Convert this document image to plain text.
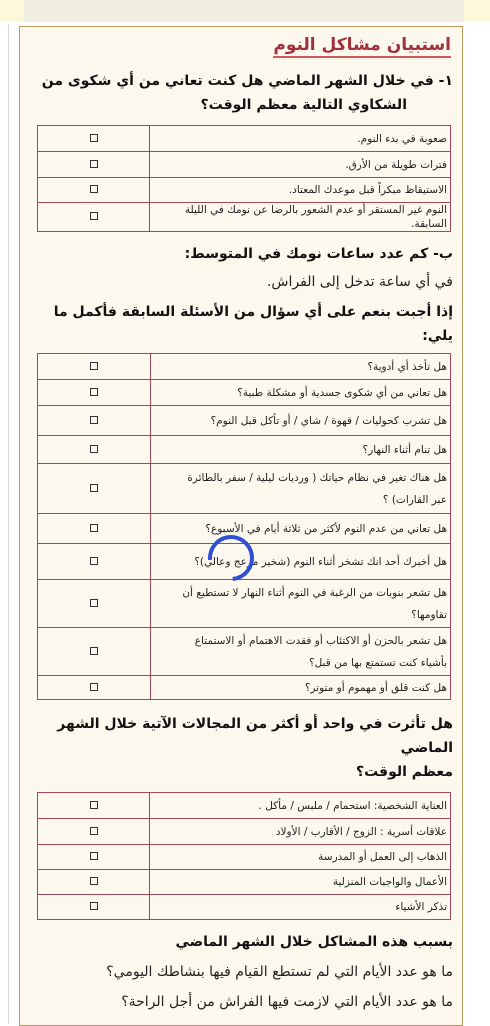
استبيان مشاكل النوم
١- في خلال الشهر الماضي هل كنت تعاني من أي شكوى من
الشكاوي التالية معظم الوقت؟
صعوبة في بدء النوم.	

فترات طويلة من الأرق.	

الاستيقاظ مبكراً قبل موعدك المعتاد.	

النوم غير المستقر أو عدم الشعور بالرضا عن نومك في الليلة السابقة.	

ب- كم عدد ساعات نومك في المتوسط:
في أي ساعة تدخل إلى الفراش.
إذا أجبت بنعم على أي سؤال من الأسئلة السابقة فأكمل ما يلي:
هل تأخذ أي أدوية؟	

هل تعاني من أي شكوى جسدية أو مشكلة طبية؟	

هل تشرب كحوليات / قهوة / شاي / أو تأكل قبل النوم؟	

هل تنام أثناء النهار؟	

هل هناك تغير في نظام حياتك ( ورديات ليلية / سفر بالطائرة
عبر القارات) ؟	

هل تعاني من عدم النوم لأكثر من ثلاثة أيام في الأسبوع؟	

هل أخبرك أحد انك تشخر أثناء النوم (شخير مزعج وعالي)؟	

هل تشعر بنوبات من الرغبة في النوم أثناء النهار لا تستطيع أن
تقاومها؟	

هل تشعر بالحزن أو الاكتئاب أو فقدت الاهتمام أو الاستمتاع
بأشياء كنت تستمتع بها من قبل؟	

هل كنت قلق أو مهموم أو متوتر؟	

هل تأثرت في واحد أو أكثر من المجالات الآتية خلال الشهر الماضي
معظم الوقت؟
العناية الشخصية: استحمام / ملبس / مأكل .	

علاقات أسرية : الزوج / الأقارب / الأولاد	

الذهاب إلى العمل أو المدرسة	

الأعمال والواجبات المنزلية	

تذكر الأشياء	

بسبب هذه المشاكل خلال الشهر الماضي
ما هو عدد الأيام التي لم تستطع القيام فيها بنشاطك اليومي؟
ما هو عدد الأيام التي لازمت فيها الفراش من أجل الراحة؟
